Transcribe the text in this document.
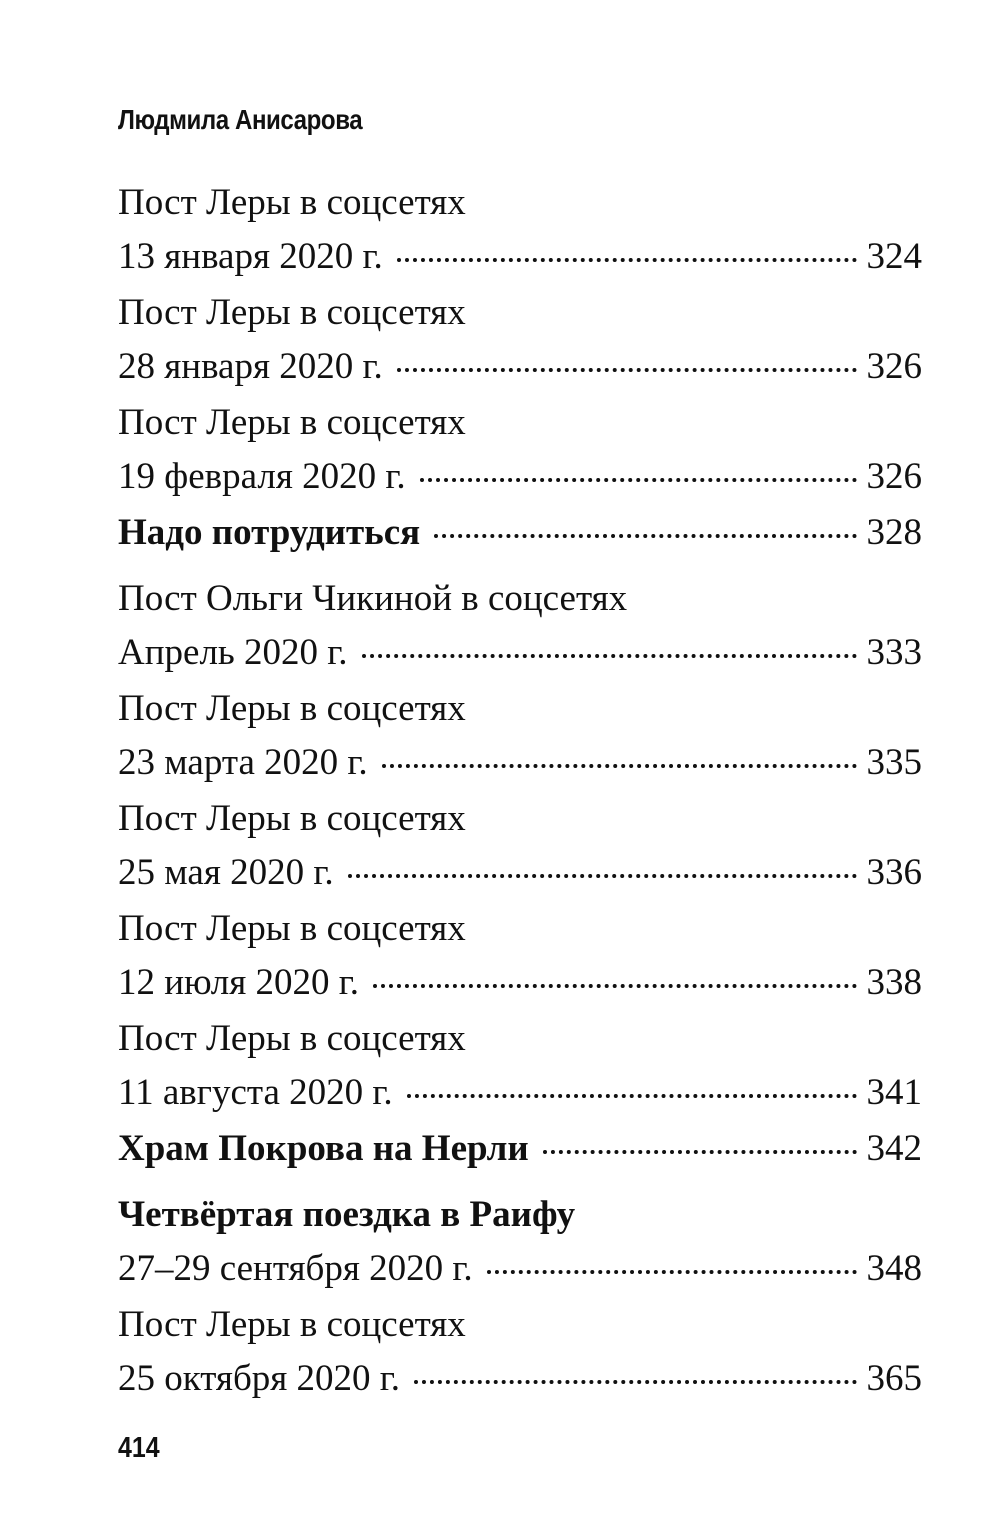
Людмила Анисарова
Пост Леры в соцсетях
13 января 2020 г.	324
Пост Леры в соцсетях
28 января 2020 г.	326
Пост Леры в соцсетях
19 февраля 2020 г.	326
Надо потрудиться	328
Пост Ольги Чикиной в соцсетях
Апрель 2020 г.	333
Пост Леры в соцсетях
23 марта 2020 г.	335
Пост Леры в соцсетях
25 мая 2020 г.	336
Пост Леры в соцсетях
12 июля 2020 г.	338
Пост Леры в соцсетях
11 августа 2020 г.	341
Храм Покрова на Нерли	342
Четвёртая поездка в Раифу
27–29 сентября 2020 г.	348
Пост Леры в соцсетях
25 октября 2020 г.	365
414
